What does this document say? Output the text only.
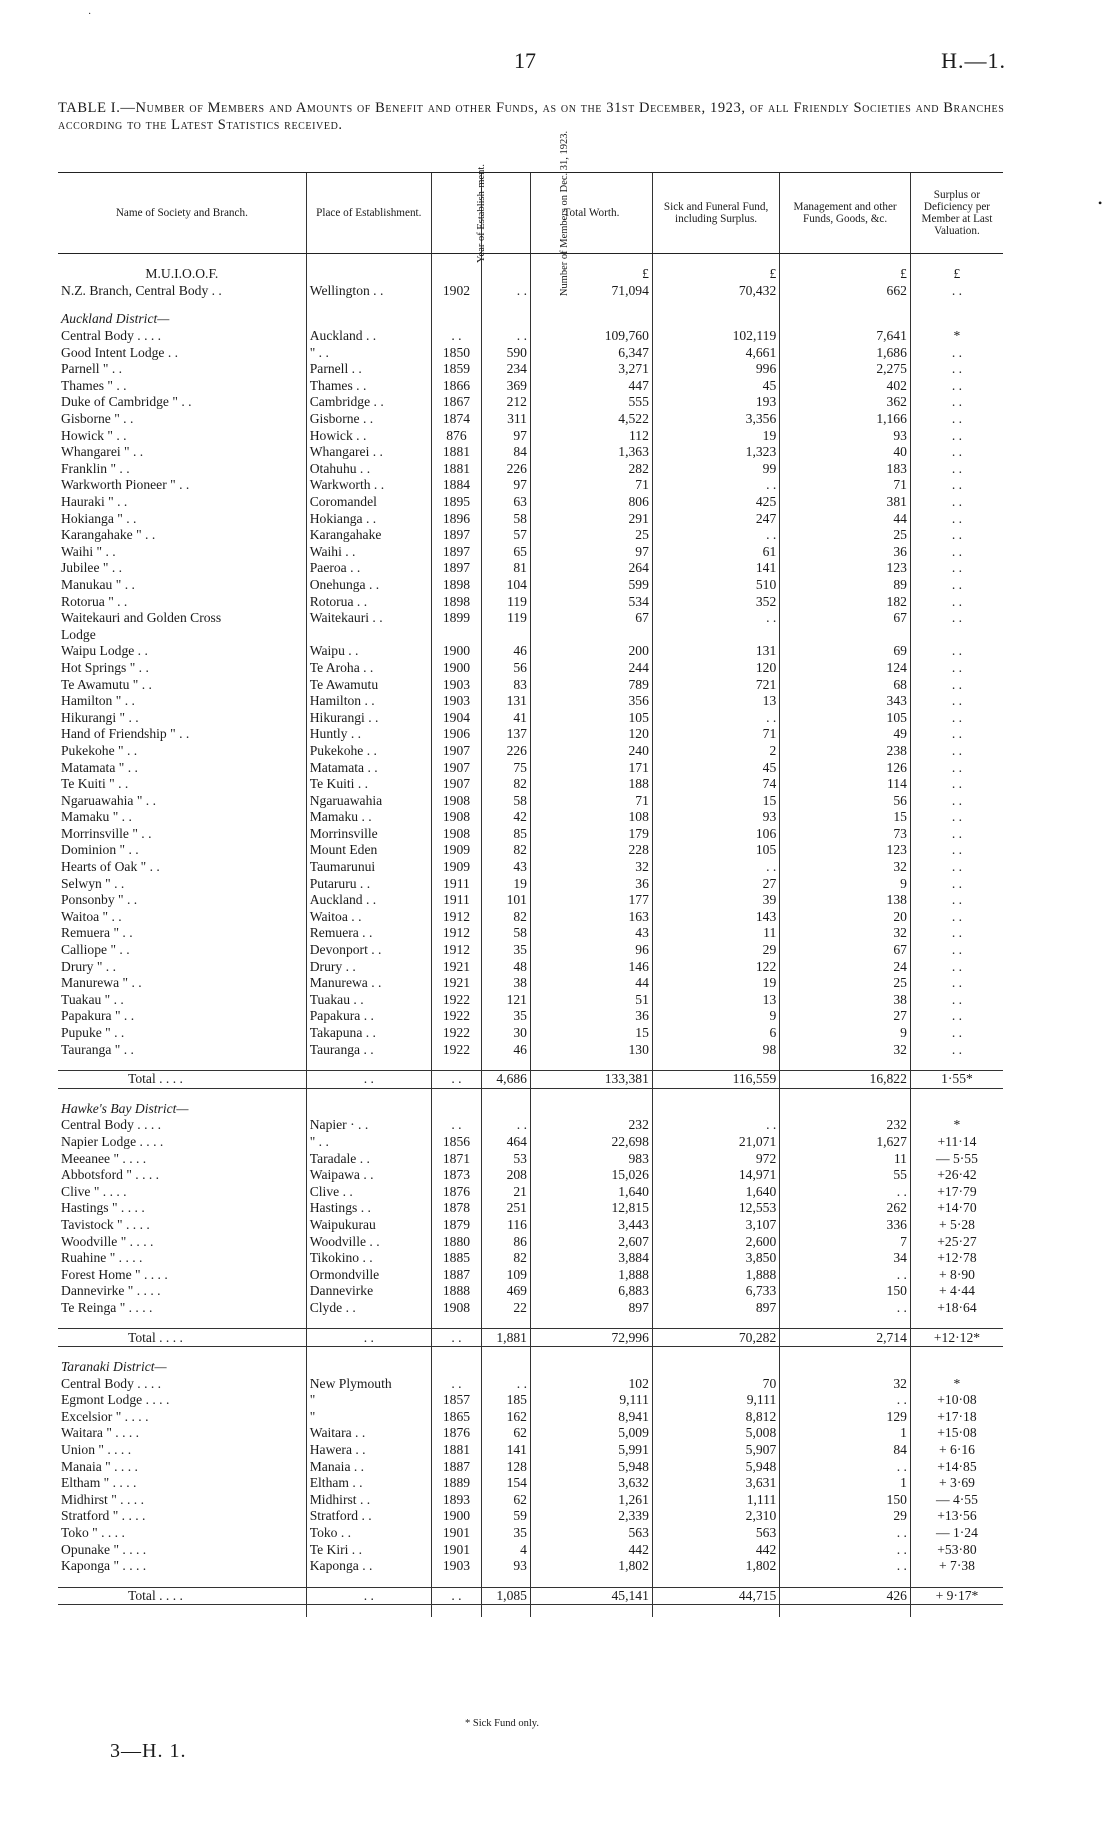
17	H.—1.
·
•
TABLE I.—Number of Members and Amounts of Benefit and other Funds, as on the 31st December, 1923, of all Friendly Societies and Branches according to the Latest Statistics received.
Name of Society and Branch.	Place of Establishment.	Year of Establish-ment.	Number of Members on Dec. 31, 1923.	Total Worth.	Sick and Funeral Fund, including Surplus.	Management and other Funds, Goods, &c.	Surplus or Deficiency per Member at Last Valuation.

M.U.I.O.O.F.				£	£	£	£
N.Z. Branch, Central Body . .	Wellington . .	1902	. .	71,094	70,432	662	. .

Auckland District—							
Central Body . . . .	Auckland . .	. .	. .	109,760	102,119	7,641	*
Good Intent Lodge . .	" . .	1850	590	6,347	4,661	1,686	. .
Parnell " . .	Parnell . .	1859	234	3,271	996	2,275	. .
Thames " . .	Thames . .	1866	369	447	45	402	. .
Duke of Cambridge " . .	Cambridge . .	1867	212	555	193	362	. .
Gisborne " . .	Gisborne . .	1874	311	4,522	3,356	1,166	. .
Howick " . .	Howick . .	876	97	112	19	93	. .
Whangarei " . .	Whangarei . .	1881	84	1,363	1,323	40	. .
Franklin " . .	Otahuhu . .	1881	226	282	99	183	. .
Warkworth Pioneer " . .	Warkworth . .	1884	97	71	. .	71	. .
Hauraki " . .	Coromandel	1895	63	806	425	381	. .
Hokianga " . .	Hokianga . .	1896	58	291	247	44	. .
Karangahake " . .	Karangahake	1897	57	25	. .	25	. .
Waihi " . .	Waihi . .	1897	65	97	61	36	. .
Jubilee " . .	Paeroa . .	1897	81	264	141	123	. .
Manukau " . .	Onehunga . .	1898	104	599	510	89	. .
Rotorua " . .	Rotorua . .	1898	119	534	352	182	. .
Waitekauri and Golden Cross	Waitekauri . .	1899	119	67	. .	67	. .
Lodge							
Waipu Lodge . .	Waipu . .	1900	46	200	131	69	. .
Hot Springs " . .	Te Aroha . .	1900	56	244	120	124	. .
Te Awamutu " . .	Te Awamutu	1903	83	789	721	68	. .
Hamilton " . .	Hamilton . .	1903	131	356	13	343	. .
Hikurangi " . .	Hikurangi . .	1904	41	105	. .	105	. .
Hand of Friendship " . .	Huntly . .	1906	137	120	71	49	. .
Pukekohe " . .	Pukekohe . .	1907	226	240	2	238	. .
Matamata " . .	Matamata . .	1907	75	171	45	126	. .
Te Kuiti " . .	Te Kuiti . .	1907	82	188	74	114	. .
Ngaruawahia " . .	Ngaruawahia	1908	58	71	15	56	. .
Mamaku " . .	Mamaku . .	1908	42	108	93	15	. .
Morrinsville " . .	Morrinsville	1908	85	179	106	73	. .
Dominion " . .	Mount Eden	1909	82	228	105	123	. .
Hearts of Oak " . .	Taumarunui	1909	43	32	. .	32	. .
Selwyn " . .	Putaruru . .	1911	19	36	27	9	. .
Ponsonby " . .	Auckland . .	1911	101	177	39	138	. .
Waitoa " . .	Waitoa . .	1912	82	163	143	20	. .
Remuera " . .	Remuera . .	1912	58	43	11	32	. .
Calliope " . .	Devonport . .	1912	35	96	29	67	. .
Drury " . .	Drury . .	1921	48	146	122	24	. .
Manurewa " . .	Manurewa . .	1921	38	44	19	25	. .
Tuakau " . .	Tuakau . .	1922	121	51	13	38	. .
Papakura " . .	Papakura . .	1922	35	36	9	27	. .
Pupuke " . .	Takapuna . .	1922	30	15	6	9	. .
Tauranga " . .	Tauranga . .	1922	46	130	98	32	. .

Total . . . .	. .	. .	4,686	133,381	116,559	16,822	1·55*

Hawke's Bay District—							
Central Body . . . .	Napier · . .	. .	. .	232	. .	232	*
Napier Lodge . . . .	" . .	1856	464	22,698	21,071	1,627	+11·14
Meeanee " . . . .	Taradale . .	1871	53	983	972	11	— 5·55
Abbotsford " . . . .	Waipawa . .	1873	208	15,026	14,971	55	+26·42
Clive " . . . .	Clive . .	1876	21	1,640	1,640	. .	+17·79
Hastings " . . . .	Hastings . .	1878	251	12,815	12,553	262	+14·70
Tavistock " . . . .	Waipukurau	1879	116	3,443	3,107	336	+ 5·28
Woodville " . . . .	Woodville . .	1880	86	2,607	2,600	7	+25·27
Ruahine " . . . .	Tikokino . .	1885	82	3,884	3,850	34	+12·78
Forest Home " . . . .	Ormondville	1887	109	1,888	1,888	. .	+ 8·90
Dannevirke " . . . .	Dannevirke	1888	469	6,883	6,733	150	+ 4·44
Te Reinga " . . . .	Clyde . .	1908	22	897	897	. .	+18·64

Total . . . .	. .	. .	1,881	72,996	70,282	2,714	+12·12*

Taranaki District—							
Central Body . . . .	New Plymouth	. .	. .	102	70	32	*
Egmont Lodge . . . .	"	1857	185	9,111	9,111	. .	+10·08
Excelsior " . . . .	"	1865	162	8,941	8,812	129	+17·18
Waitara " . . . .	Waitara . .	1876	62	5,009	5,008	1	+15·08
Union " . . . .	Hawera . .	1881	141	5,991	5,907	84	+ 6·16
Manaia " . . . .	Manaia . .	1887	128	5,948	5,948	. .	+14·85
Eltham " . . . .	Eltham . .	1889	154	3,632	3,631	1	+ 3·69
Midhirst " . . . .	Midhirst . .	1893	62	1,261	1,111	150	— 4·55
Stratford " . . . .	Stratford . .	1900	59	2,339	2,310	29	+13·56
Toko " . . . .	Toko . .	1901	35	563	563	. .	— 1·24
Opunake " . . . .	Te Kiri . .	1901	4	442	442	. .	+53·80
Kaponga " . . . .	Kaponga . .	1903	93	1,802	1,802	. .	+ 7·38

Total . . . .	. .	. .	1,085	45,141	44,715	426	+ 9·17*

* Sick Fund only.
3—H. 1.
